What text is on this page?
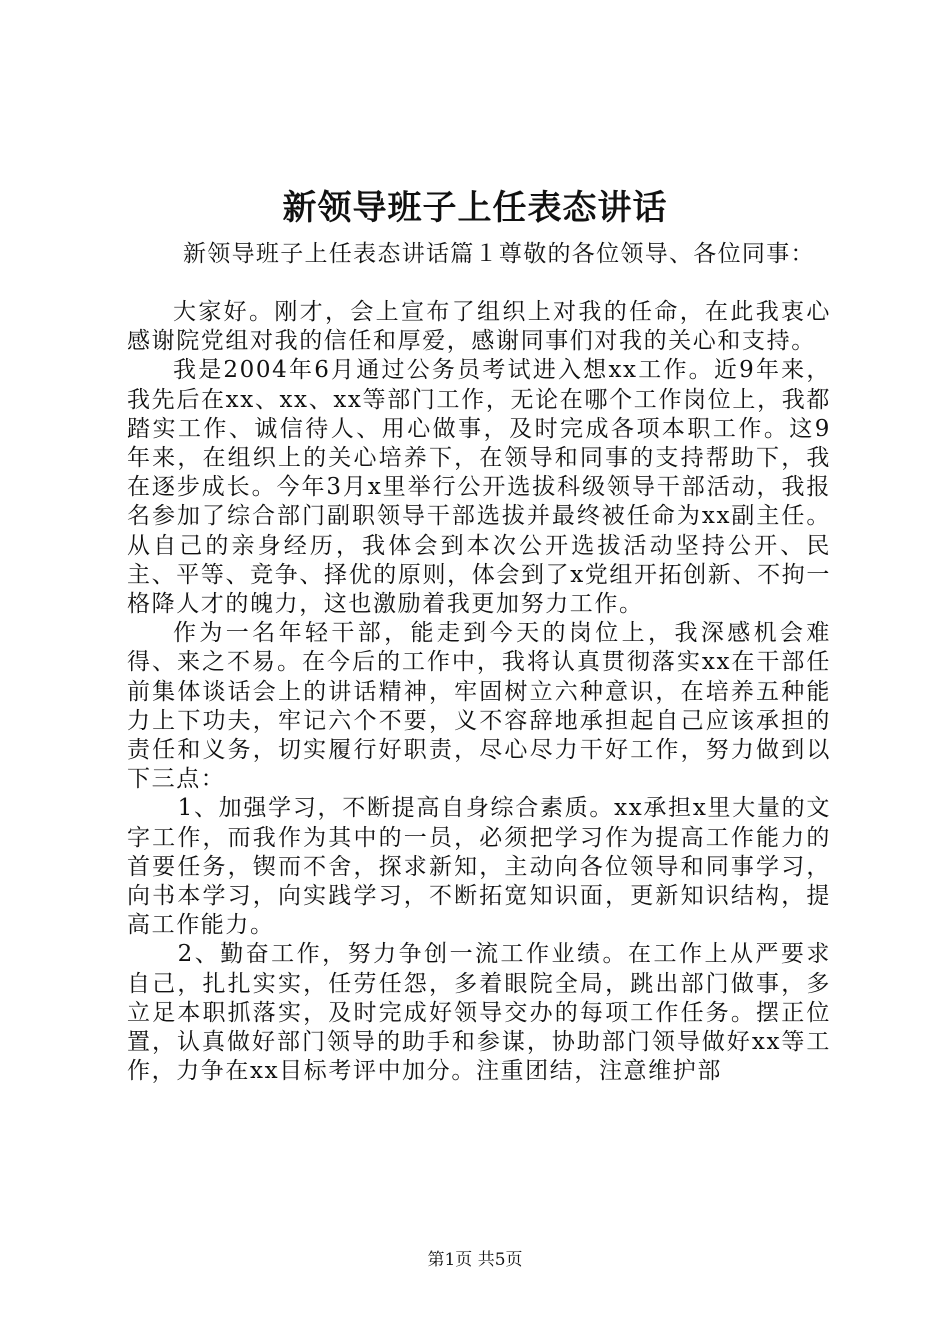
新领导班子上任表态讲话
新领导班子上任表态讲话篇１尊敬的各位领导、各位同事：

大家好。刚才，会上宣布了组织上对我的任命，在此我衷心感谢院党组对我的信任和厚爱，感谢同事们对我的关心和支持。

我是2004年6月通过公务员考试进入想xx工作。近9年来，我先后在xx、xx、xx等部门工作，无论在哪个工作岗位上，我都踏实工作、诚信待人、用心做事，及时完成各项本职工作。这9年来，在组织上的关心培养下，在领导和同事的支持帮助下，我在逐步成长。今年3月x里举行公开选拔科级领导干部活动，我报名参加了综合部门副职领导干部选拔并最终被任命为xx副主任。从自己的亲身经历，我体会到本次公开选拔活动坚持公开、民主、平等、竞争、择优的原则，体会到了x党组开拓创新、不拘一格降人才的魄力，这也激励着我更加努力工作。

作为一名年轻干部，能走到今天的岗位上，我深感机会难得、来之不易。在今后的工作中，我将认真贯彻落实xx在干部任前集体谈话会上的讲话精神，牢固树立六种意识，在培养五种能力上下功夫，牢记六个不要，义不容辞地承担起自己应该承担的责任和义务，切实履行好职责，尽心尽力干好工作，努力做到以下三点：

1、加强学习，不断提高自身综合素质。xx承担x里大量的文字工作，而我作为其中的一员，必须把学习作为提高工作能力的首要任务，锲而不舍，探求新知，主动向各位领导和同事学习，向书本学习，向实践学习，不断拓宽知识面，更新知识结构，提高工作能力。

2、勤奋工作，努力争创一流工作业绩。在工作上从严要求自己，扎扎实实，任劳任怨，多着眼院全局，跳出部门做事，多立足本职抓落实，及时完成好领导交办的每项工作任务。摆正位置，认真做好部门领导的助手和参谋，协助部门领导做好xx等工作，力争在xx目标考评中加分。注重团结，注意维护部

第1页 共5页
